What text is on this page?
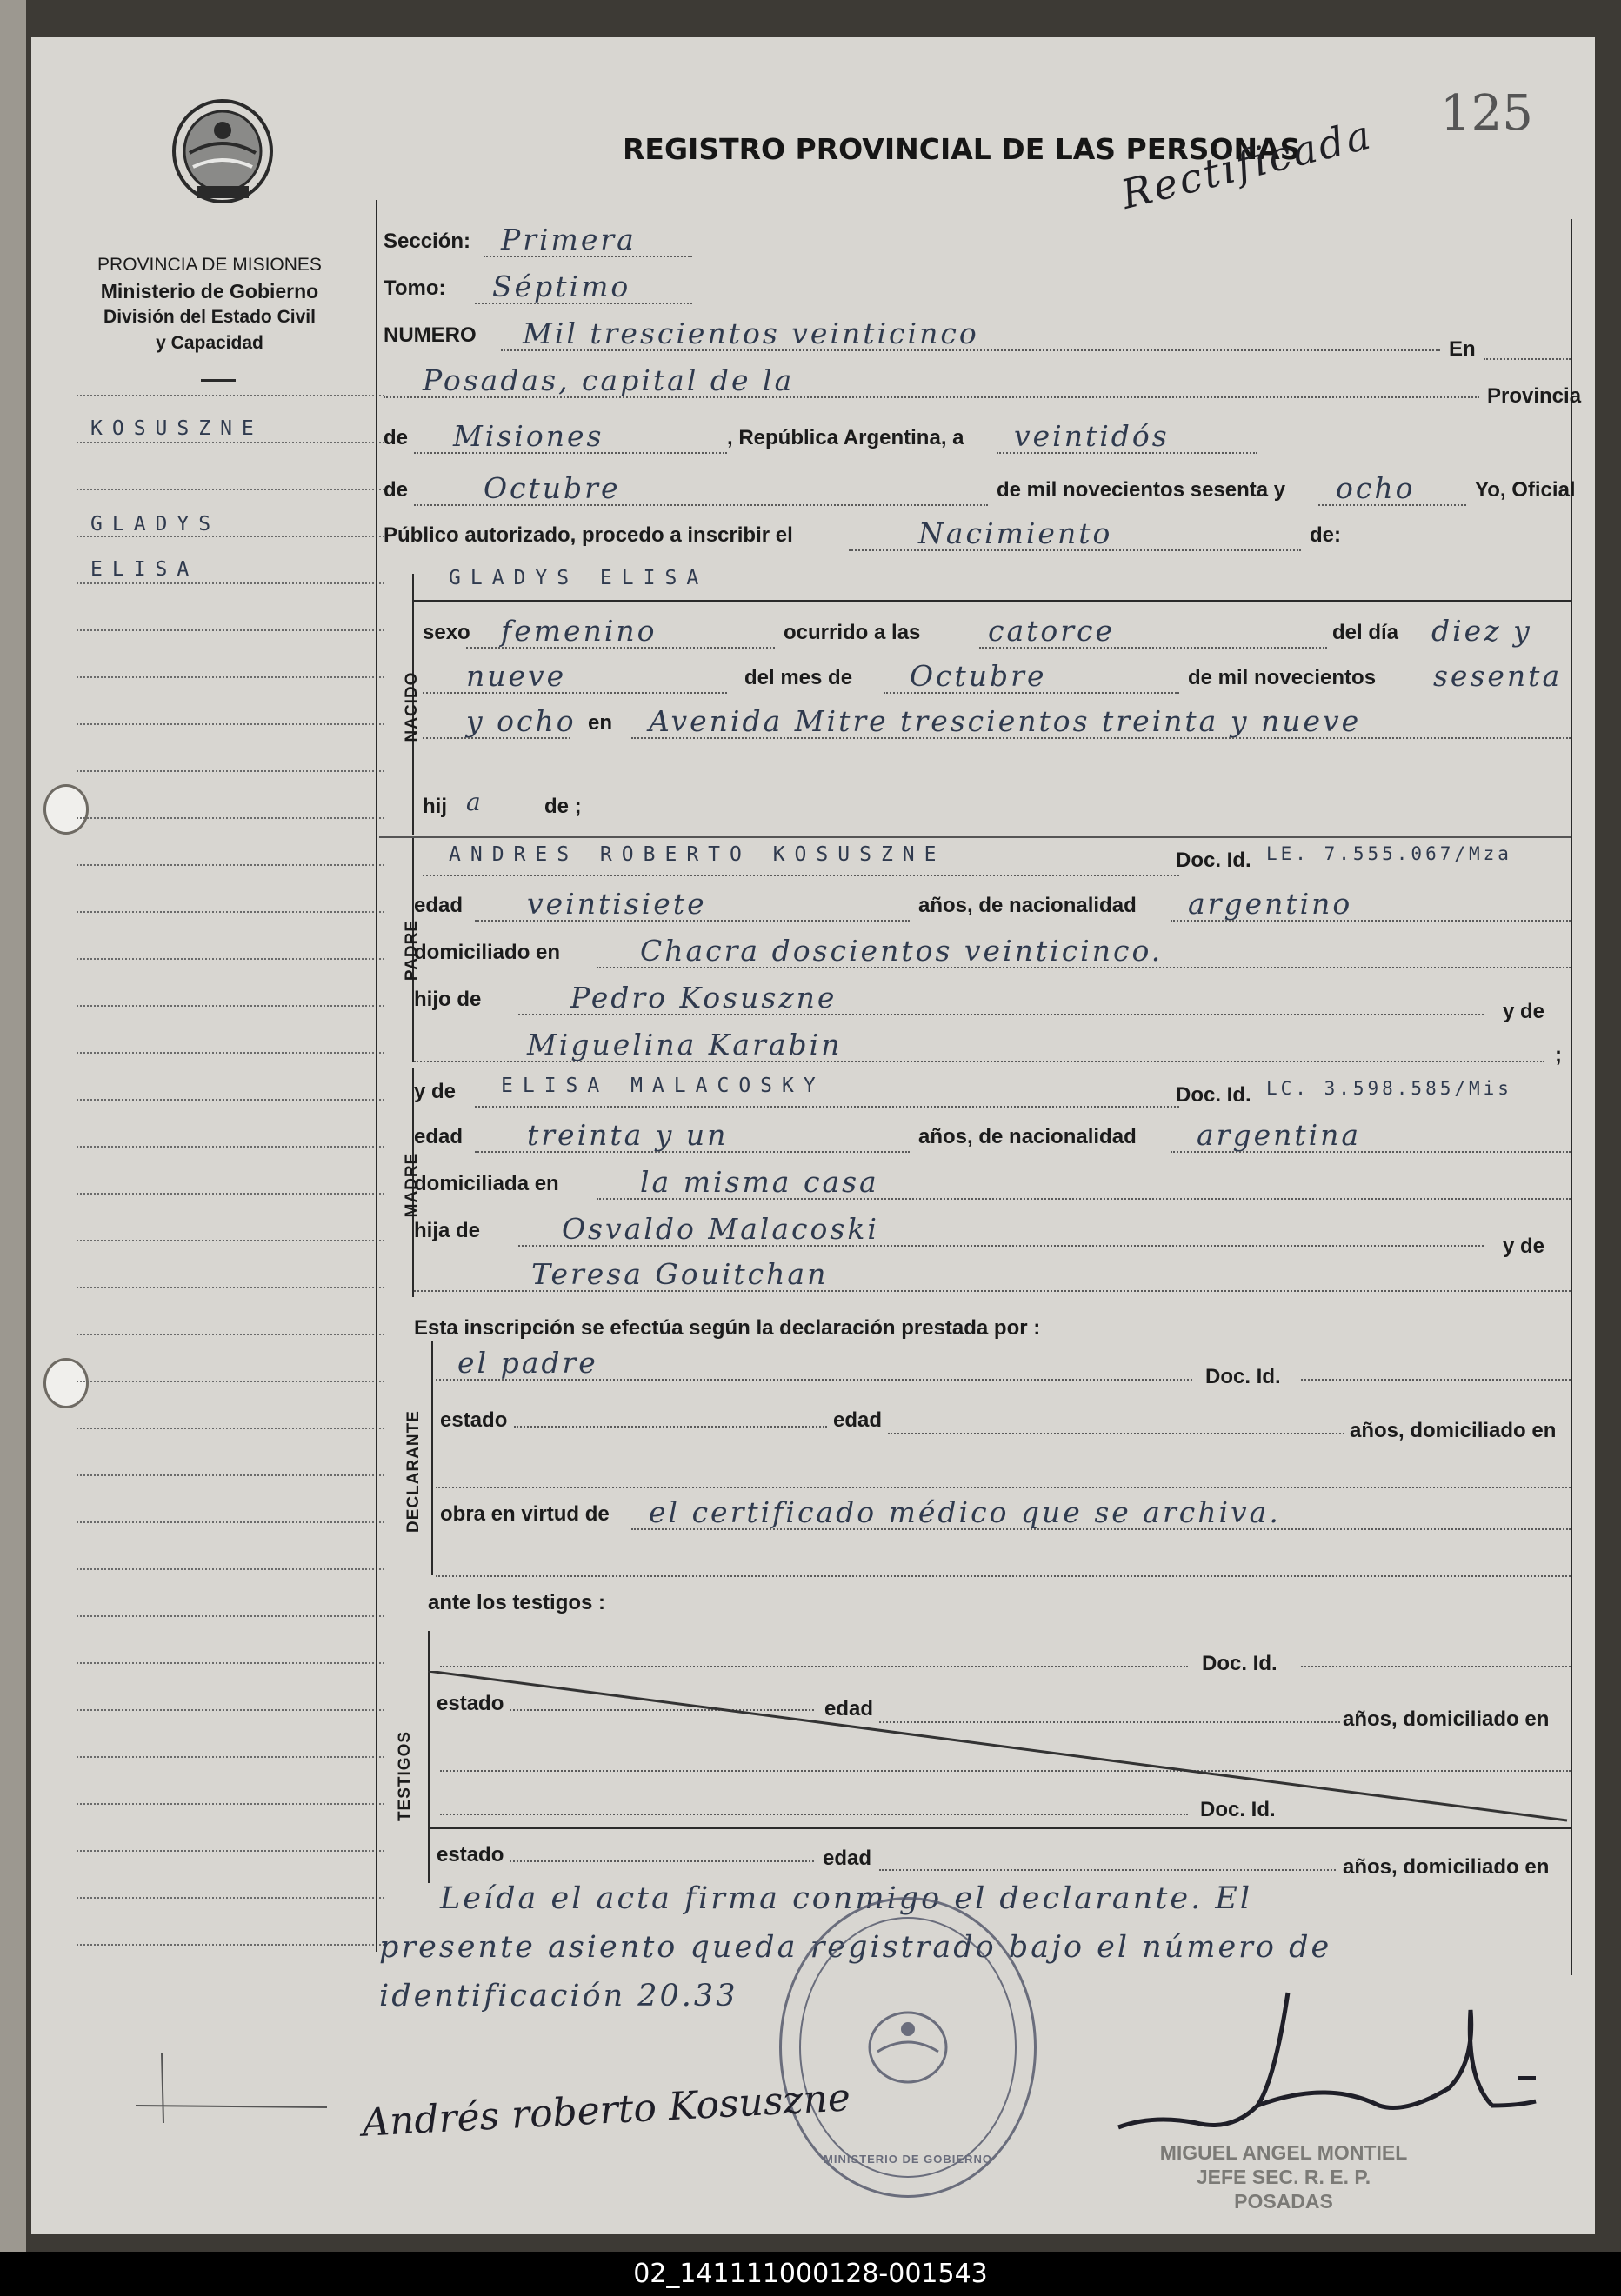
125
PROVINCIA DE MISIONES
Ministerio de Gobierno
División del Estado Civil
y Capacidad
KOSUSZNE
GLADYS
ELISA
REGISTRO PROVINCIAL DE LAS PERSONAS
Rectificada
Sección: Primera
Tomo: Séptimo
NUMERO Mil trescientos veinticinco	En
Posadas, capital de la	Provincia
de Misiones	, República Argentina, a veintidós
de	Octubre	de mil novecientos sesenta y ocho	Yo, Oficial
Público autorizado, procedo a inscribir el	Nacimiento	de:
NACIDO
GLADYS ELISA
sexo femenino	ocurrido a las catorce	del día diez y
nueve	del mes de Octubre	de mil novecientos sesenta
y ocho en Avenida Mitre trescientos treinta y nueve
hij a	de ;
PADRE
ANDRES ROBERTO KOSUSZNE	Doc. Id. LE. 7.555.067/Mza
edad veintisiete	años, de nacionalidad argentino
domiciliado en	Chacra doscientos veinticinco.
hijo de	Pedro Kosuszne	y de
Miguelina Karabin	;
MADRE
y de ELISA MALACOSKY	Doc. Id. LC. 3.598.585/Mis
edad treinta y un	años, de nacionalidad argentina
domiciliada en	la misma casa
hija de	Osvaldo Malacoski
y de
Teresa Gouitchan
Esta inscripción se efectúa según la declaración prestada por :
DECLARANTE
el padre	Doc. Id.
estado	edad	años, domiciliado en
obra en virtud de el certificado médico que se archiva.
ante los testigos :
TESTIGOS
Doc. Id.
estado	edad	años, domiciliado en
Doc. Id.
estado	edad	años, domiciliado en
Leída el acta firma conmigo el declarante. El
presente asiento queda registrado bajo el número de
identificación 20.33
MINISTERIO DE GOBIERNO
Andrés roberto Kosuszne
MIGUEL ANGEL MONTIEL
JEFE SEC. R. E. P.
POSADAS
02_141111000128-001543
